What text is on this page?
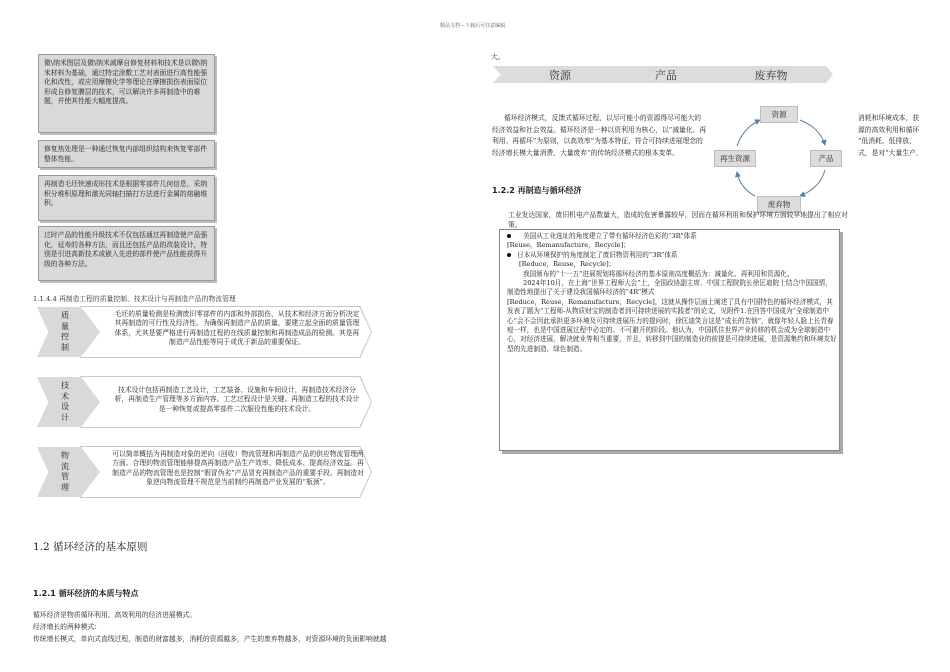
精品文档---下载后可任意编辑
微\纳米图层及微\纳米减摩自修复材料和技术是以微\纳米材料为基础，通过特定涂敷工艺对表面进行高性能强化和改性，或应用摩擦化学等理论在摩擦损伤表面原位形成自修复膜层的技术，可以解决许多再制造中的难题，并使其性能大幅度提高。
修复热处理是一种通过恢复内部组织结构来恢复零部件整体性能。
再制造毛坯快速成形技术是根据零部件几何信息，采纳积分堆积原理和激光同轴扫描打方法进行金属的熔融堆积。
过时产品的性能升级技术不仅包括通过再制造使产品强化，延寿的各种方法，而且还包括产品的改装设计，特别是引进高新技术或嵌入先进的部件使产品性能获得升级的各种方法。
1.1.4.4 再制造工程的质量控制、技术设计与再制造产品的物流管理
质量控制
毛坯的质量检测是检测废旧零部件的内部和外部损伤，从技术和经济方面分析决定其再制造的可行性及经济性。为确保再制造产品的质量，要建立起全面的质量管理体系，尤其是要严格进行再制造过程的在线质量控制和再制造成品的检测。其是再制造产品性能等同于或优于新品的重要保证。
技术设计
技术设计包括再制造工艺设计，工艺装备、设施和车间设计，再制造技术经济分析，再制造生产管理等多方面内容。工艺过程设计是关键。再制造工程的技术设计是一种恢复或提高零部件二次服役性能的技术设计。
物流管理
可以简单概括为再制造对象的逆向（回收）物流管理和再制造产品的供应物流管理两方面。合理的物流管理能够提高再制造产品生产效率、降低成本、提高经济效益。再制造产品的物流管理也是控制“假冒伪劣”产品冒充再制造产品的重要手段。再制造对象逆向物流管理不规范是当前制约再制造产业发展的“瓶颈”。
1.2 循环经济的基本原则
1.2.1 循环经济的本质与特点
循环经济是物质循环利用、高效利用的经济进展模式。
经济增长的两种模式：
传统增长模式，单向式直线过程，制造的财富越多，消耗的资源越多，产生的废弃物越多，对资源环境的负面影响就越
大。
资源	产品	废弃物
循环经济模式，反馈式循环过程，以尽可能小的资源得尽可能大的经济效益和社会效益。循环经济是一种以资利用为核心，以“减量化、再利用、再循环”为原则，以高效率”为基本特征，符合可持续进展理念的经济增长模大量消费、大量废弃”的传统经济模式的根本变革。
资源
产品
废弃物
再生资源
消耗和环境成本，获
源的高效利用和循环
“低消耗、低排放、
式，是对“大量生产、
1.2.2 再制造与循环经济
工业发达国家，废旧机电产品数量大，造成的危害暴露较早，因而在循环利用和保护环境方面较早地提出了相应对策。
美国从工业选址的角度建立了带有循环经济色彩的“3R”体系
[Reuse，Remanufacture，Recycle]；
日本从环境保护的角度制定了废旧物资利用的“3R”体系
[Reduce，Reuse，Recycle]；
我国颁布的“十一五”进展规划将循环经济的基本原则高度概括为：减量化、再利用和资源化。
2024年10月，在上海“世界工程师大会”上，全国政协副主席、中国工程院院长徐匡迪院士结合中国国情，制造性地提出了关于建设我国循环经济的“4R”模式
[Reduce，Reuse，Remanufacture，Recycle]，这就从操作层面上阐述了具有中国特色的循环经济模式，其发表了题为“工程师-从物质财宝的制造者到可持续进展的实践者”的论文，见附件1.在回答中国成为“全球制造中心”会不会因此承担更多环境及可持续进展压力的提问时，徐匡迪笑言这是“成长的苦恼”，就像年轻人脸上长青春痘一样，也是中国进展过程中必定的、不可避开的阶段。他认为，中国抓住世界产业转移的机会成为全球制造中心，对经济进展，解决就业等相当重要，并且，转移到中国的制造业的前提是可持续进展，是资源集约和环境友好型的先进制造、绿色制造。
